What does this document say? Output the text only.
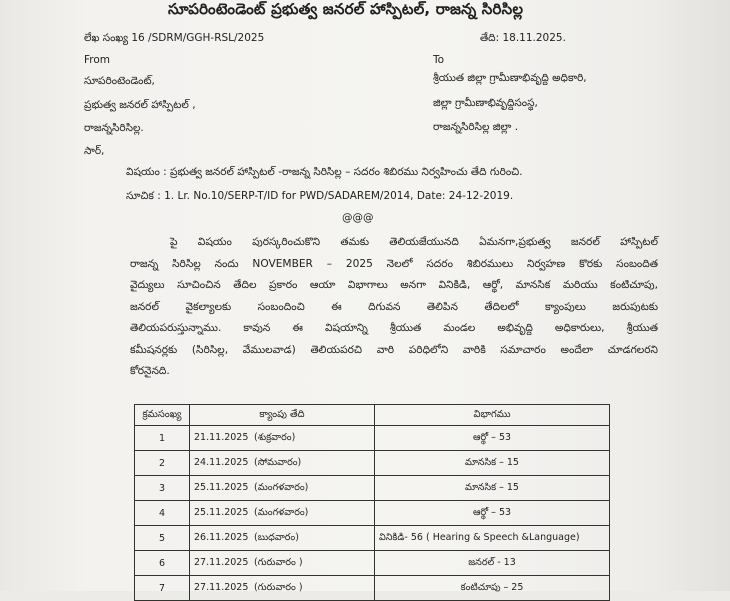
సూపరింటెండెంట్ ప్రభుత్వ జనరల్ హాస్పిటల్, రాజన్న సిరిసిల్ల
లేఖ సంఖ్య 16 /SDRM/GGH-RSL/2025	తేది: 18.11.2025.
From	To
సూపరింటెండెంట్,
ప్రభుత్వ జనరల్ హాస్పిటల్ ,
రాజన్నసిరిసిల్ల.
శ్రీయుత జిల్లా గ్రామీణాభివృద్ది అధికారి,
జిల్లా గ్రామీణాభివృద్దిసంస్థ,
రాజన్నసిరిసిల్ల జిల్లా .
సార్,
విషయం : ప్రభుత్వ జనరల్ హాస్పిటల్ -రాజన్న సిరిసిల్ల – సదరం శిబిరము నిర్వహించు తేది గురించి.
సూచిక : 1. Lr. No.10/SERP-T/ID for PWD/SADAREM/2014, Date: 24-12-2019.
@@@
పై విషయం పురస్కరించుకొని తమకు తెలియజేయునది ఏమనగా,ప్రభుత్వ జనరల్ హాస్పిటల్
రాజన్న సిరిసిల్ల నందు NOVEMBER – 2025 నెలలో సదరం శిబిరములు నిర్వహణ కొరకు సంబందిత
వైద్యులు సూచించిన తేదిల ప్రకారం ఆయా విభాగాలు అనగా వినికిడి, ఆర్థో, మానసిక మరియు కంటిచూపు,
జనరల్ వైకల్యాలకు సంబందించి ఈ దిగువన తెలిపిన తేదిలలో క్యాంపులు జరుపుటకు
తెలియపరుస్తున్నాము. కావున ఈ విషయాన్ని శ్రీయుత మండల అభివృద్ది అధికారులు, శ్రీయుత
కమీషనర్లకు (సిరిసిల్ల, వేములవాడ) తెలియపరచి వారి పరిధిలోని వారికి సమాచారం అందేలా చూడగలరని
కోరనైనది.
క్రమసంఖ్య	క్యాంపు తేది	విభాగము
1	21.11.2025 (శుక్రవారం)	ఆర్థో – 53
2	24.11.2025 (సోమవారం)	మానసిక – 15
3	25.11.2025 (మంగళవారం)	మానసిక – 15
4	25.11.2025 (మంగళవారం)	ఆర్థో – 53
5	26.11.2025 (బుధవారం)	వినికిడి- 56 ( Hearing & Speech &Language)
6	27.11.2025 (గురువారం )	జనరల్ - 13
7	27.11.2025 (గురువారం )	కంటిచూపు – 25
